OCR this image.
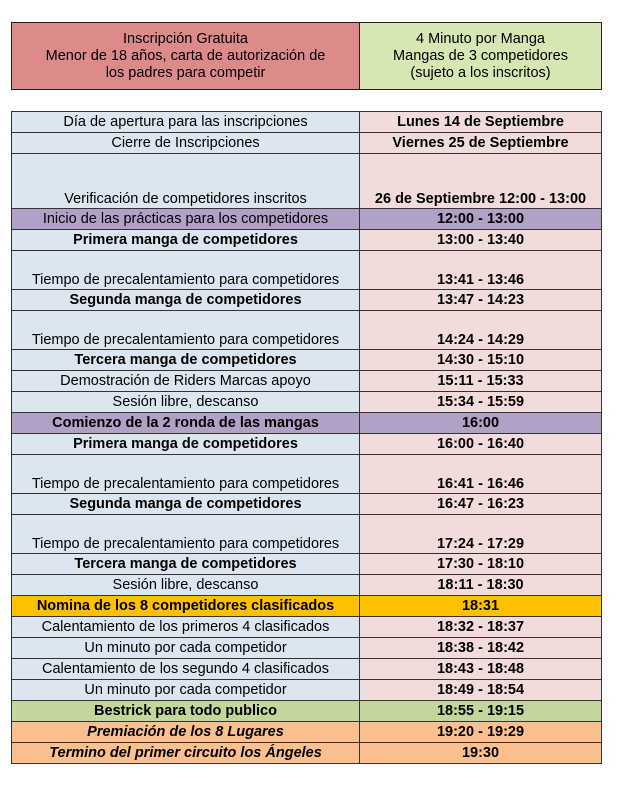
Inscripción Gratuita
Menor de 18 años, carta de autorización de
los padres para competir

4 Minuto por Manga
Mangas de 3 competidores
(sujeto a los inscritos)
Día de apertura para las inscripciones	Lunes 14 de Septiembre
Cierre de Inscripciones	Viernes 25 de Septiembre
Verificación de competidores inscritos	26 de Septiembre 12:00 - 13:00
Inicio de las prácticas para los competidores	12:00 - 13:00
Primera manga de competidores	13:00 - 13:40
Tiempo de precalentamiento para competidores	13:41 - 13:46
Segunda manga de competidores	13:47 - 14:23
Tiempo de precalentamiento para competidores	14:24 - 14:29
Tercera manga de competidores	14:30 - 15:10
Demostración de Riders Marcas apoyo	15:11 - 15:33
Sesión libre, descanso	15:34 - 15:59
Comienzo de la 2 ronda de las mangas	16:00
Primera manga de competidores	16:00 - 16:40
Tiempo de precalentamiento para competidores	16:41 - 16:46
Segunda manga de competidores	16:47 - 16:23
Tiempo de precalentamiento para competidores	17:24 - 17:29
Tercera manga de competidores	17:30 - 18:10
Sesión libre, descanso	18:11 - 18:30
Nomina de los 8 competidores clasificados	18:31
Calentamiento de los primeros 4 clasificados	18:32 - 18:37
Un minuto por cada competidor	18:38 - 18:42
Calentamiento de los segundo 4 clasificados	18:43 - 18:48
Un minuto por cada competidor	18:49 - 18:54
Bestrick para todo publico	18:55 - 19:15
Premiación de los 8 Lugares	19:20 - 19:29
Termino del primer circuito los Ángeles	19:30
